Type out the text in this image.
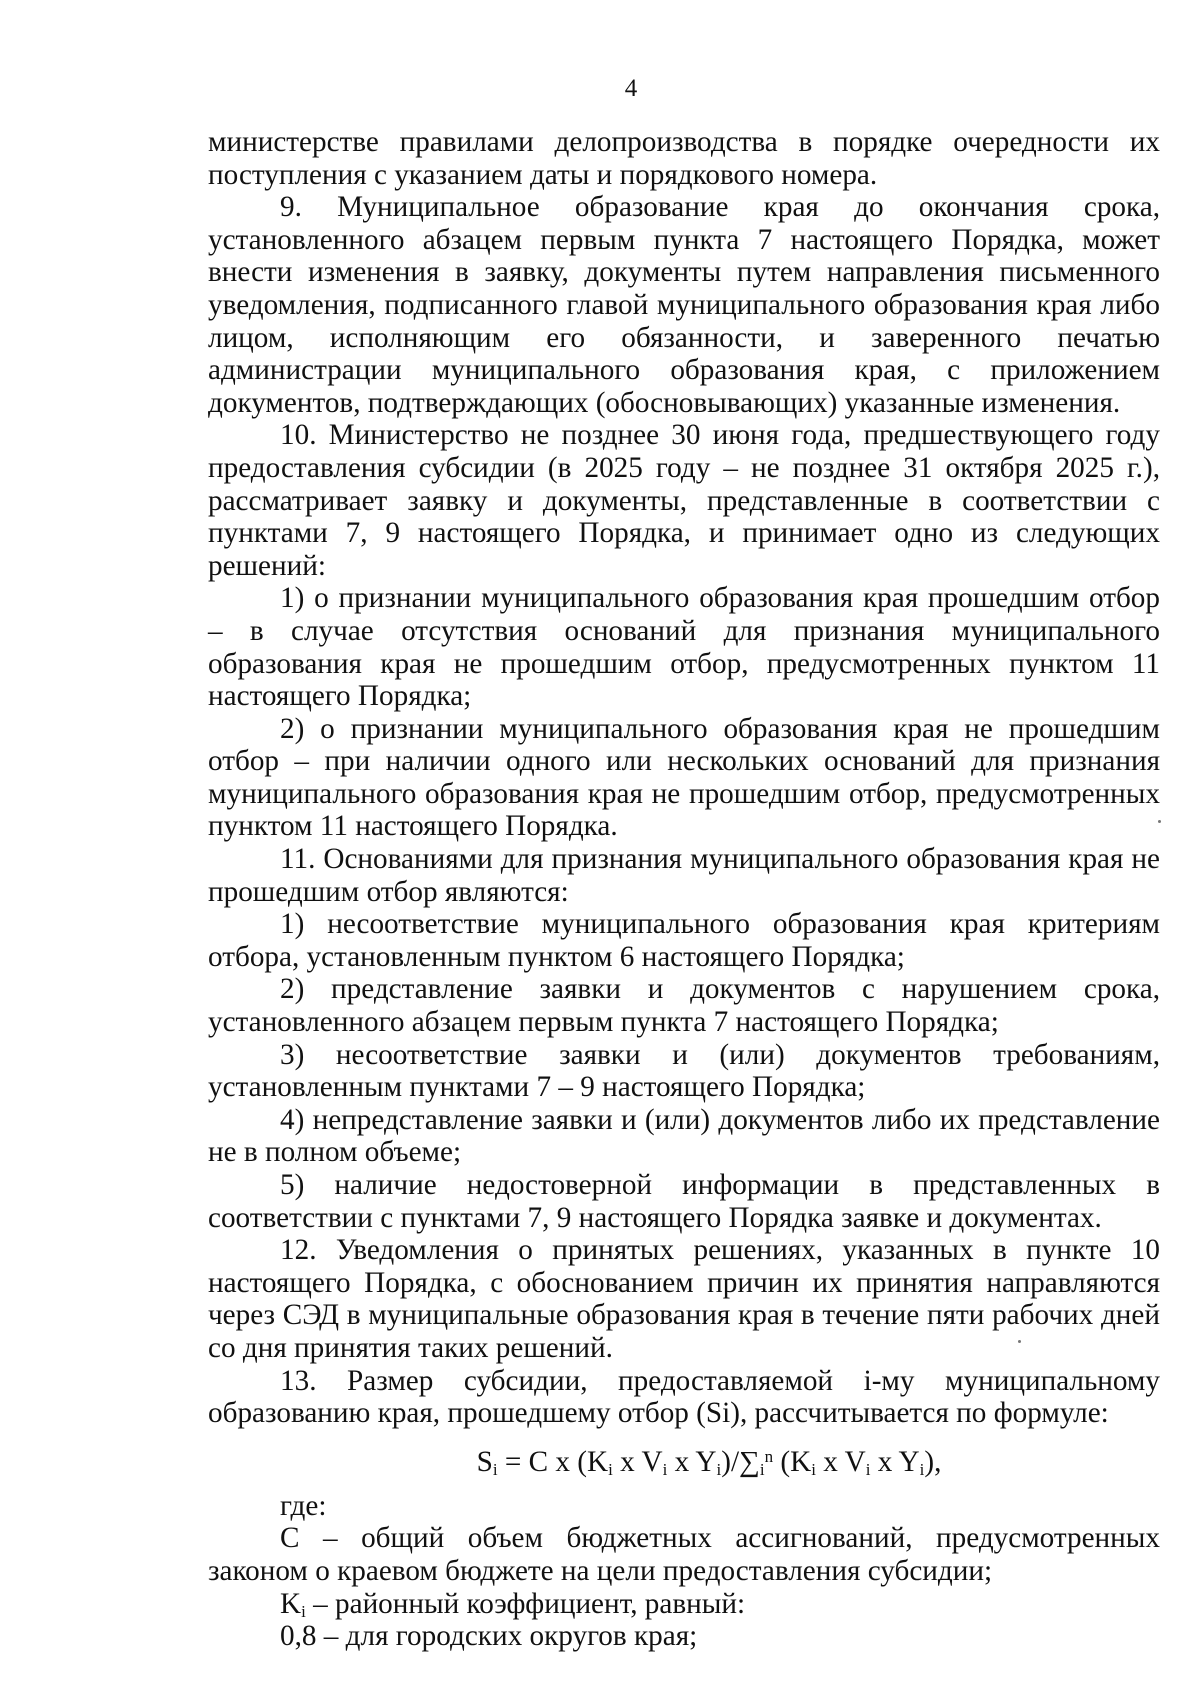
4

министерстве правилами делопроизводства в порядке очередности их поступления с указанием даты и порядкового номера.

9. Муниципальное образование края до окончания срока, установленного абзацем первым пункта 7 настоящего Порядка, может внести изменения в заявку, документы путем направления письменного уведомления, подписанного главой муниципального образования края либо лицом, исполняющим его обязанности, и заверенного печатью администрации муниципального образования края, с приложением документов, подтверждающих (обосновывающих) указанные изменения.

10. Министерство не позднее 30 июня года, предшествующего году предоставления субсидии (в 2025 году – не позднее 31 октября 2025 г.), рассматривает заявку и документы, представленные в соответствии с пунктами 7, 9 настоящего Порядка, и принимает одно из следующих решений:

1) о признании муниципального образования края прошедшим отбор – в случае отсутствия оснований для признания муниципального образования края не прошедшим отбор, предусмотренных пунктом 11 настоящего Порядка;

2) о признании муниципального образования края не прошедшим отбор – при наличии одного или нескольких оснований для признания муниципального образования края не прошедшим отбор, предусмотренных пунктом 11 настоящего Порядка.

11. Основаниями для признания муниципального образования края не прошедшим отбор являются:

1) несоответствие муниципального образования края критериям отбора, установленным пунктом 6 настоящего Порядка;

2) представление заявки и документов с нарушением срока, установленного абзацем первым пункта 7 настоящего Порядка;

3) несоответствие заявки и (или) документов требованиям, установленным пунктами 7 – 9 настоящего Порядка;

4) непредставление заявки и (или) документов либо их представление не в полном объеме;

5) наличие недостоверной информации в представленных в соответствии с пунктами 7, 9 настоящего Порядка заявке и документах.

12. Уведомления о принятых решениях, указанных в пункте 10 настоящего Порядка, с обоснованием причин их принятия направляются через СЭД в муниципальные образования края в течение пяти рабочих дней со дня принятия таких решений.

13. Размер субсидии, предоставляемой i-му муниципальному образованию края, прошедшему отбор (Si), рассчитывается по формуле:

$S_i = C$ x ($K_i$ x $V_i$ x $Y_i)/\sum_i^n$ ($K_i$ x $V_i$ x $Y_i$),

где:

С – общий объем бюджетных ассигнований, предусмотренных законом о краевом бюджете на цели предоставления субсидии;

$K_i$ – районный коэффициент, равный:

0,8 – для городских округов края;
